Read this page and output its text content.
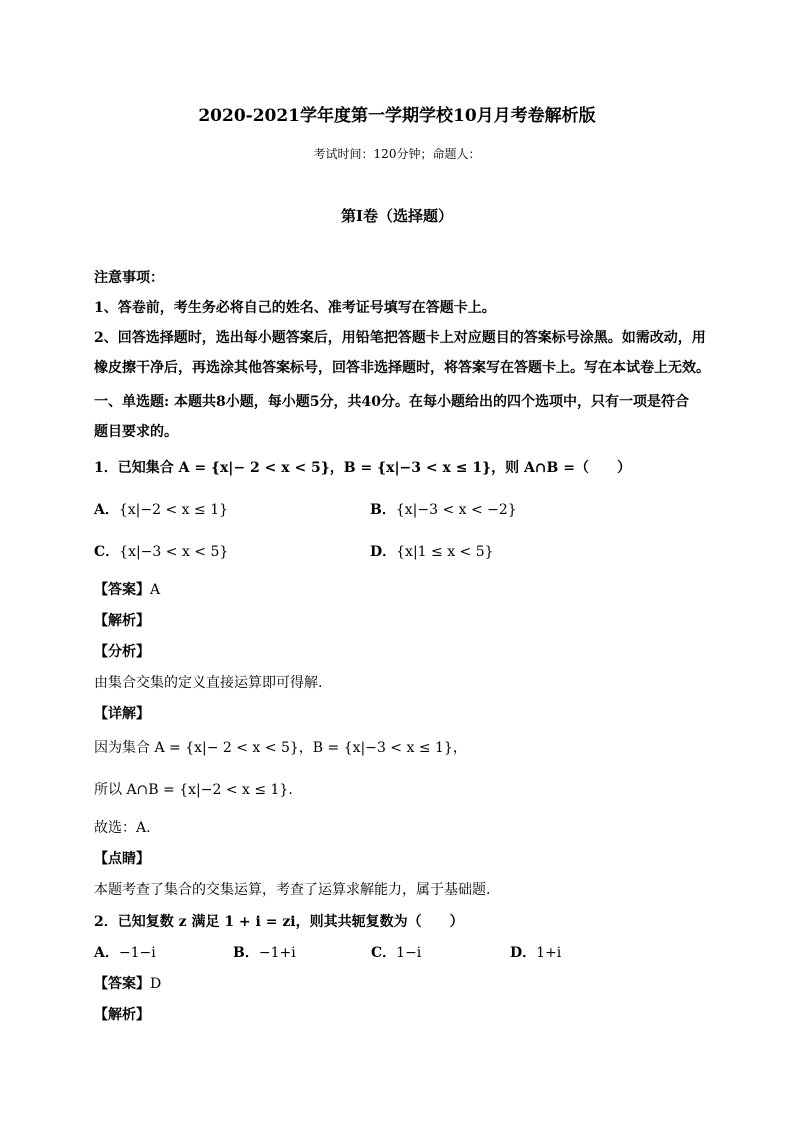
2020-2021学年度第一学期学校10月月考卷解析版
考试时间：120分钟；命题人：
第I卷（选择题）
注意事项：
1、答卷前，考生务必将自己的姓名、准考证号填写在答题卡上。
2、回答选择题时，选出每小题答案后，用铅笔把答题卡上对应题目的答案标号涂黑。如需改动，用
橡皮擦干净后，再选涂其他答案标号，回答非选择题时，将答案写在答题卡上。写在本试卷上无效。
一、单选题: 本题共8小题，每小题5分，共40分。在每小题给出的四个选项中，只有一项是符合
题目要求的。
1．已知集合 A = {x|− 2 < x < 5}，B = {x|−3 < x ≤ 1}，则 A∩B =（　　）
A．{x|−2 < x ≤ 1}	B．{x|−3 < x < −2}
C．{x|−3 < x < 5}	D．{x|1 ≤ x < 5}
【答案】A
【解析】
【分析】
由集合交集的定义直接运算即可得解.
【详解】
因为集合 A = {x|− 2 < x < 5}，B = {x|−3 < x ≤ 1}，
所以 A∩B = {x|−2 < x ≤ 1}.
故选：A.
【点睛】
本题考查了集合的交集运算，考查了运算求解能力，属于基础题.
2．已知复数 z 满足 1 + i = zi，则其共轭复数为（　　）
A．−1−i	B．−1+i	C．1−i	D．1+i
【答案】D
【解析】
